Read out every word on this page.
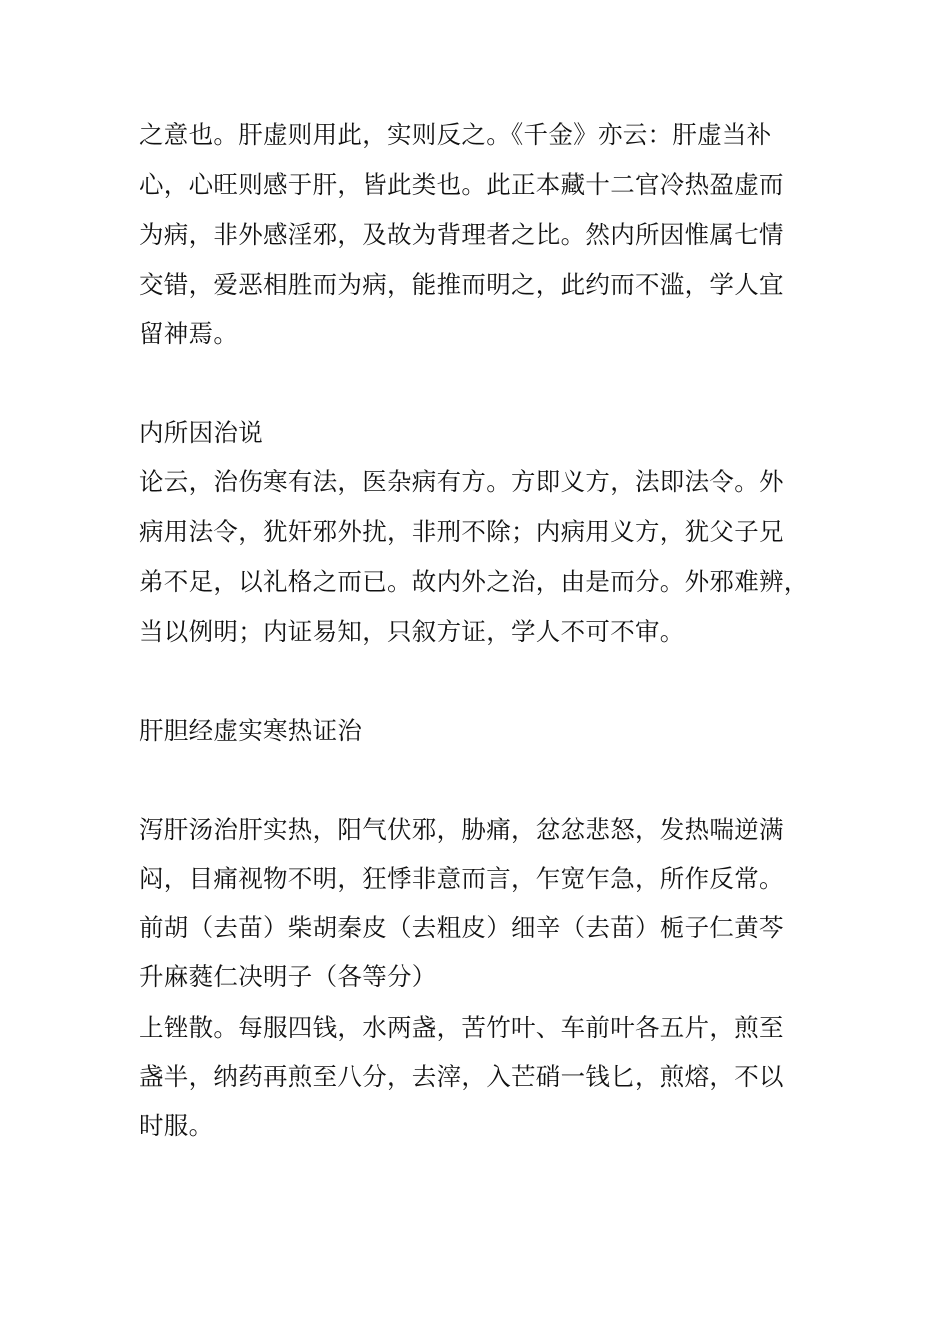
之意也。肝虚则用此，实则反之。《千金》亦云：肝虚当补

心，心旺则感于肝，皆此类也。此正本藏十二官冷热盈虚而

为病，非外感淫邪，及故为背理者之比。然内所因惟属七情

交错，爱恶相胜而为病，能推而明之，此约而不滥，学人宜

留神焉。

内所因治说

论云，治伤寒有法，医杂病有方。方即义方，法即法令。外

病用法令，犹奸邪外扰，非刑不除；内病用义方，犹父子兄

弟不足，以礼格之而已。故内外之治，由是而分。外邪难辨，

当以例明；内证易知，只叙方证，学人不可不审。

肝胆经虚实寒热证治

泻肝汤治肝实热，阳气伏邪，胁痛，忿忿悲怒，发热喘逆满

闷，目痛视物不明，狂悸非意而言，乍宽乍急，所作反常。

前胡（去苗）柴胡秦皮（去粗皮）细辛（去苗）栀子仁黄芩

升麻蕤仁决明子（各等分）

上锉散。每服四钱，水两盏，苦竹叶、车前叶各五片，煎至

盏半，纳药再煎至八分，去滓，入芒硝一钱匕，煎熔，不以

时服。
